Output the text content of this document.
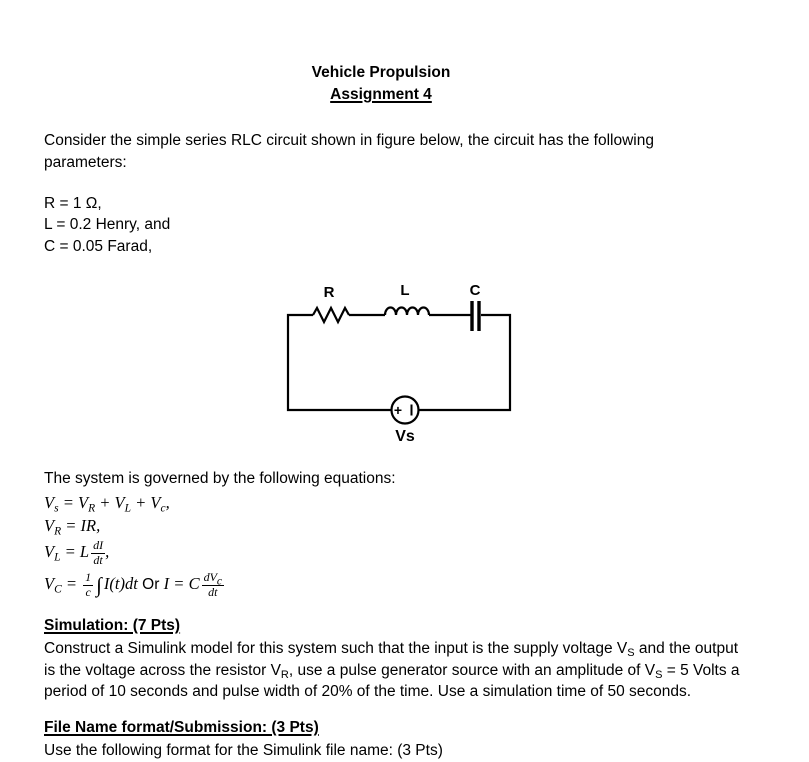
Vehicle Propulsion
Assignment 4
Consider the simple series RLC circuit shown in figure below, the circuit has the following
parameters:
R = 1 Ω,
L = 0.2 Henry, and
C = 0.05 Farad,
R	L	C
+
Vs
The system is governed by the following equations:
$V_s = V_R + V_L + V_c$,
$V_R$ = IR,
$V_L = L \frac{dI}{dt}$ ,
$V_C = \frac{1}{c}$ ∫ I(t)dt Or I = C $\frac{dV_c}{dt}$
Simulation: (7 Pts)
Construct a Simulink model for this system such that the input is the supply voltage $V_S$ and the output
is the voltage across the resistor $V_R$, use a pulse generator source with an amplitude of $V_S = 5$ Volts a
period of 10 seconds and pulse width of 20% of the time. Use a simulation time of 50 seconds.
File Name format/Submission: (3 Pts)
Use the following format for the Simulink file name: (3 Pts)
